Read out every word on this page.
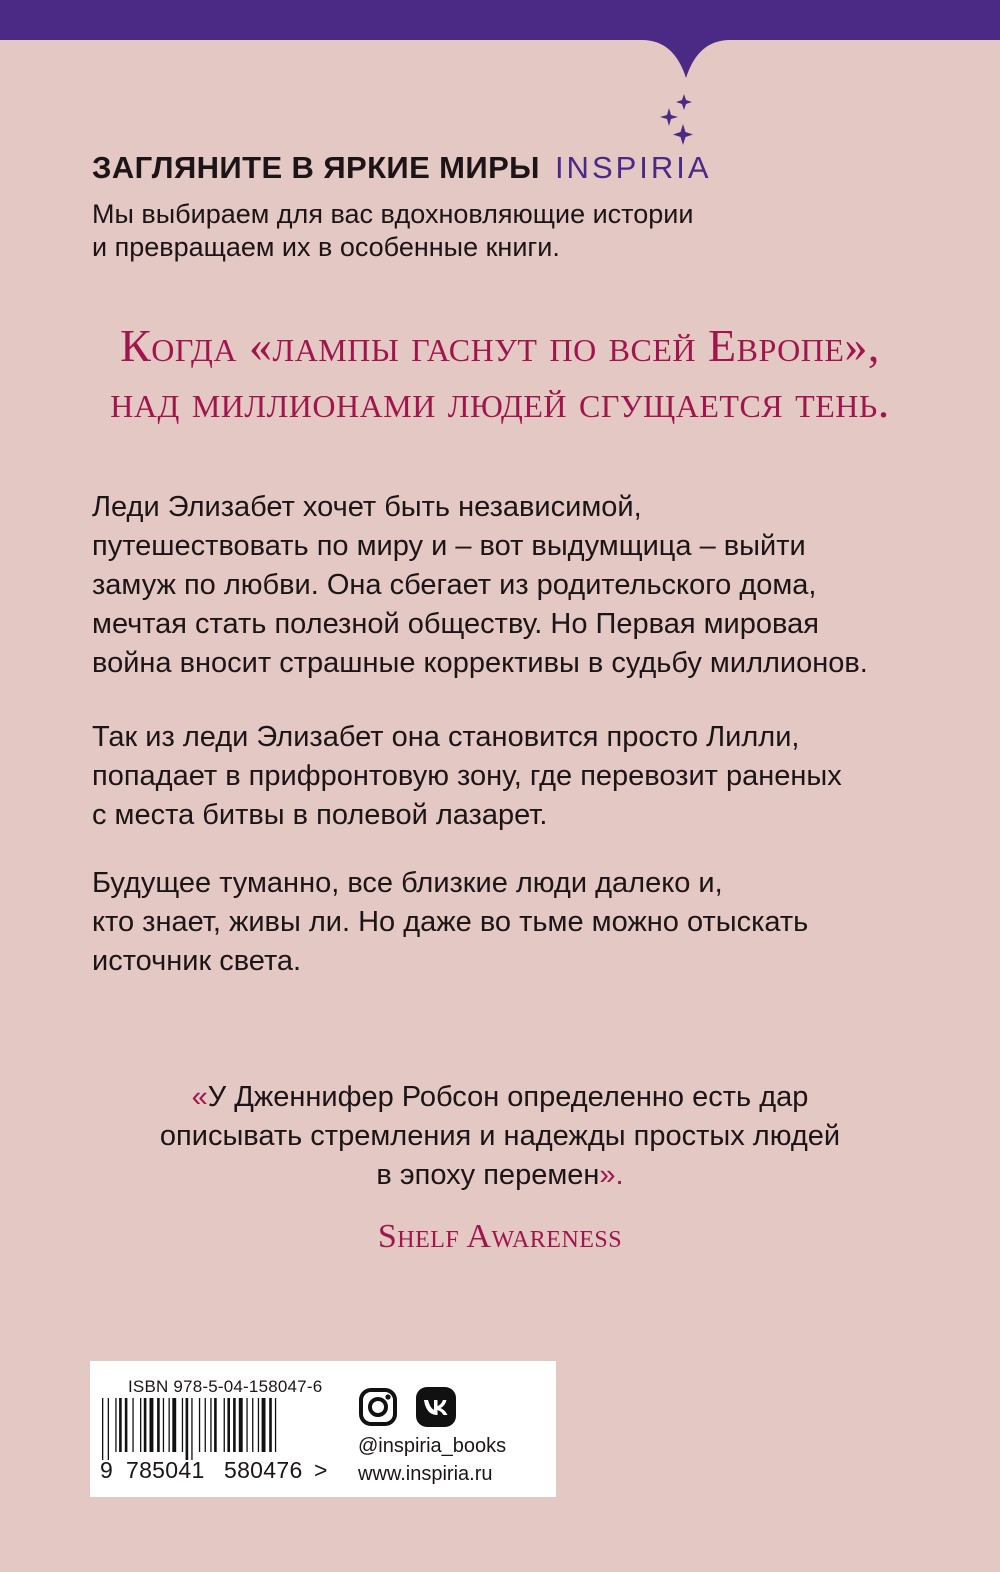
ЗАГЛЯНИТЕ В ЯРКИЕ МИРЫ INSPIRIA

Мы выбираем для вас вдохновляющие истории
и превращаем их в особенные книги.

Когда «лампы гаснут по всей Европе»,
над миллионами людей сгущается тень.

Леди Элизабет хочет быть независимой,
путешествовать по миру и – вот выдумщица – выйти
замуж по любви. Она сбегает из родительского дома,
мечтая стать полезной обществу. Но Первая мировая
война вносит страшные коррективы в судьбу миллионов.

Так из леди Элизабет она становится просто Лилли,
попадает в прифронтовую зону, где перевозит раненых
с места битвы в полевой лазарет.

Будущее туманно, все близкие люди далеко и,
кто знает, живы ли. Но даже во тьме можно отыскать
источник света.

«У Дженнифер Робсон определенно есть дар
описывать стремления и надежды простых людей
в эпоху перемен».

Shelf Awareness
ISBN 978-5-04-158047-6
9 785041 580476 >

@inspiria_books
www.inspiria.ru
